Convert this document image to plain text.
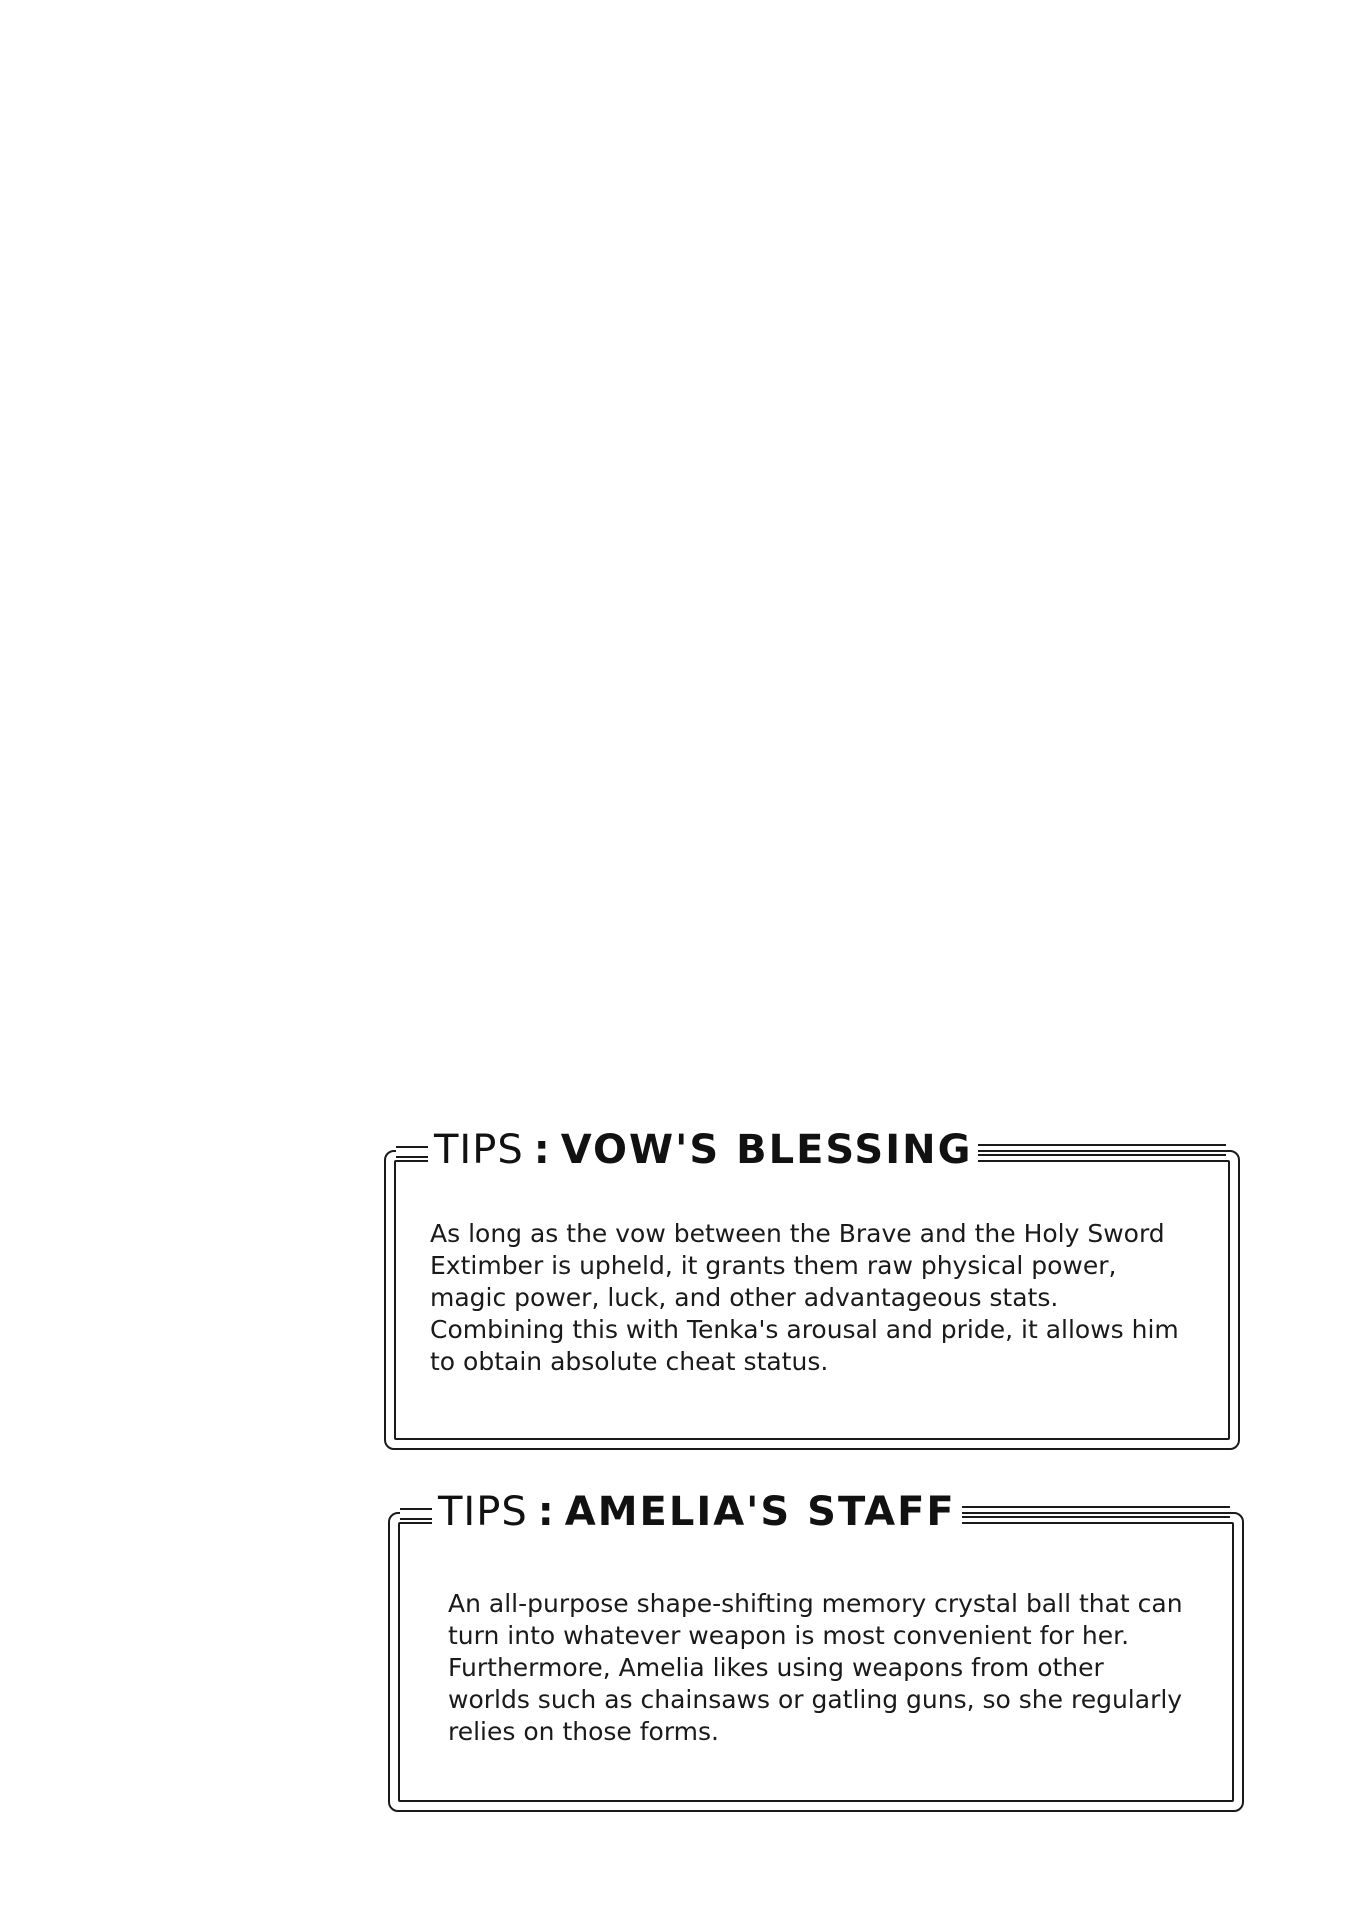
TIPS : VOW'S BLESSING

As long as the vow between the Brave and the Holy Sword Extimber is upheld, it grants them raw physical power, magic power, luck, and other advantageous stats.

Combining this with Tenka's arousal and pride, it allows him to obtain absolute cheat status.

TIPS : AMELIA'S STAFF

An all-purpose shape-shifting memory crystal ball that can turn into whatever weapon is most convenient for her. Furthermore, Amelia likes using weapons from other worlds such as chainsaws or gatling guns, so she regularly relies on those forms.
